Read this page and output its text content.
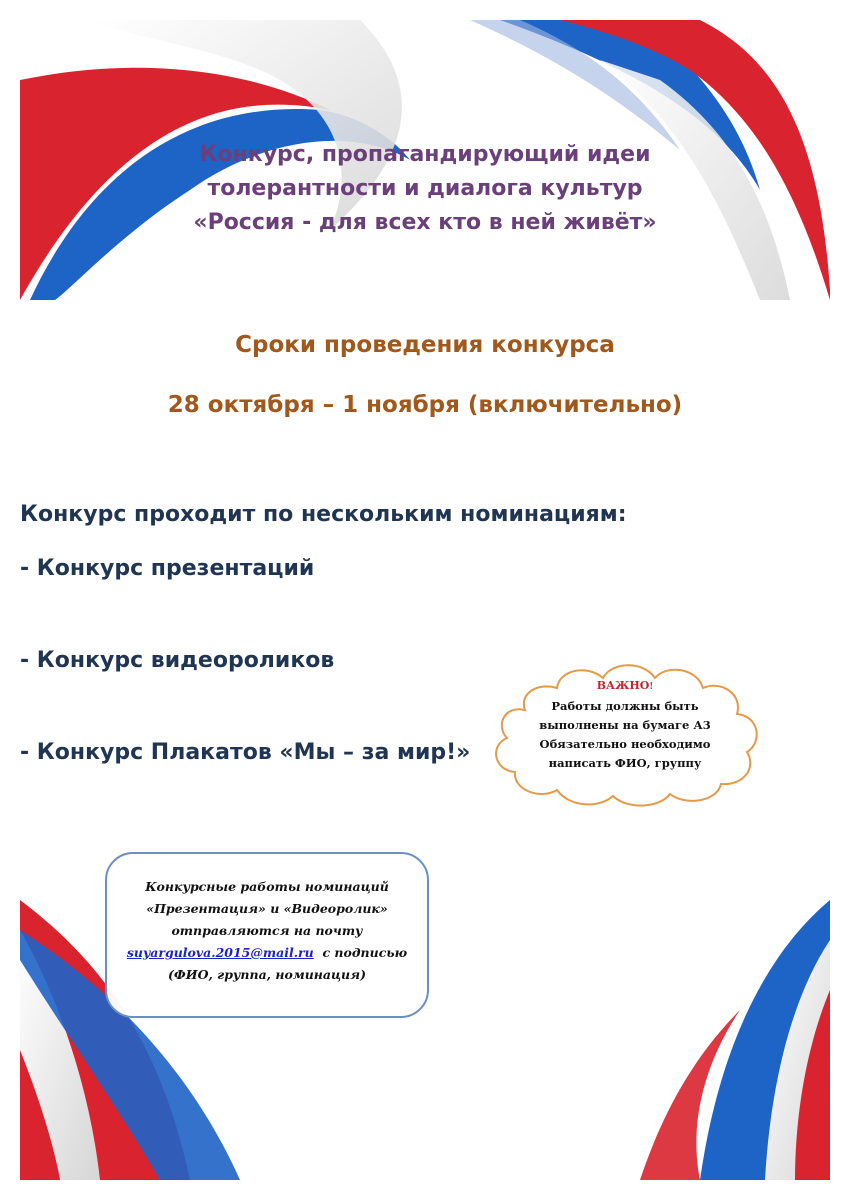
Конкурс, пропагандирующий идеи
толерантности и диалога культур
«Россия - для всех кто в ней живёт»
Сроки проведения конкурса
28 октября – 1 ноября (включительно)
Конкурс проходит по нескольким номинациям:
- Конкурс презентаций
- Конкурс видеороликов
- Конкурс Плакатов «Мы – за мир!»
ВАЖНО!
Работы должны быть
выполнены на бумаге А3
Обязательно необходимо
написать ФИО, группу
Конкурсные работы номинаций
«Презентация» и «Видеоролик»
отправляются на почту
suyargulova.2015@mail.ru с подписью
(ФИО, группа, номинация)
